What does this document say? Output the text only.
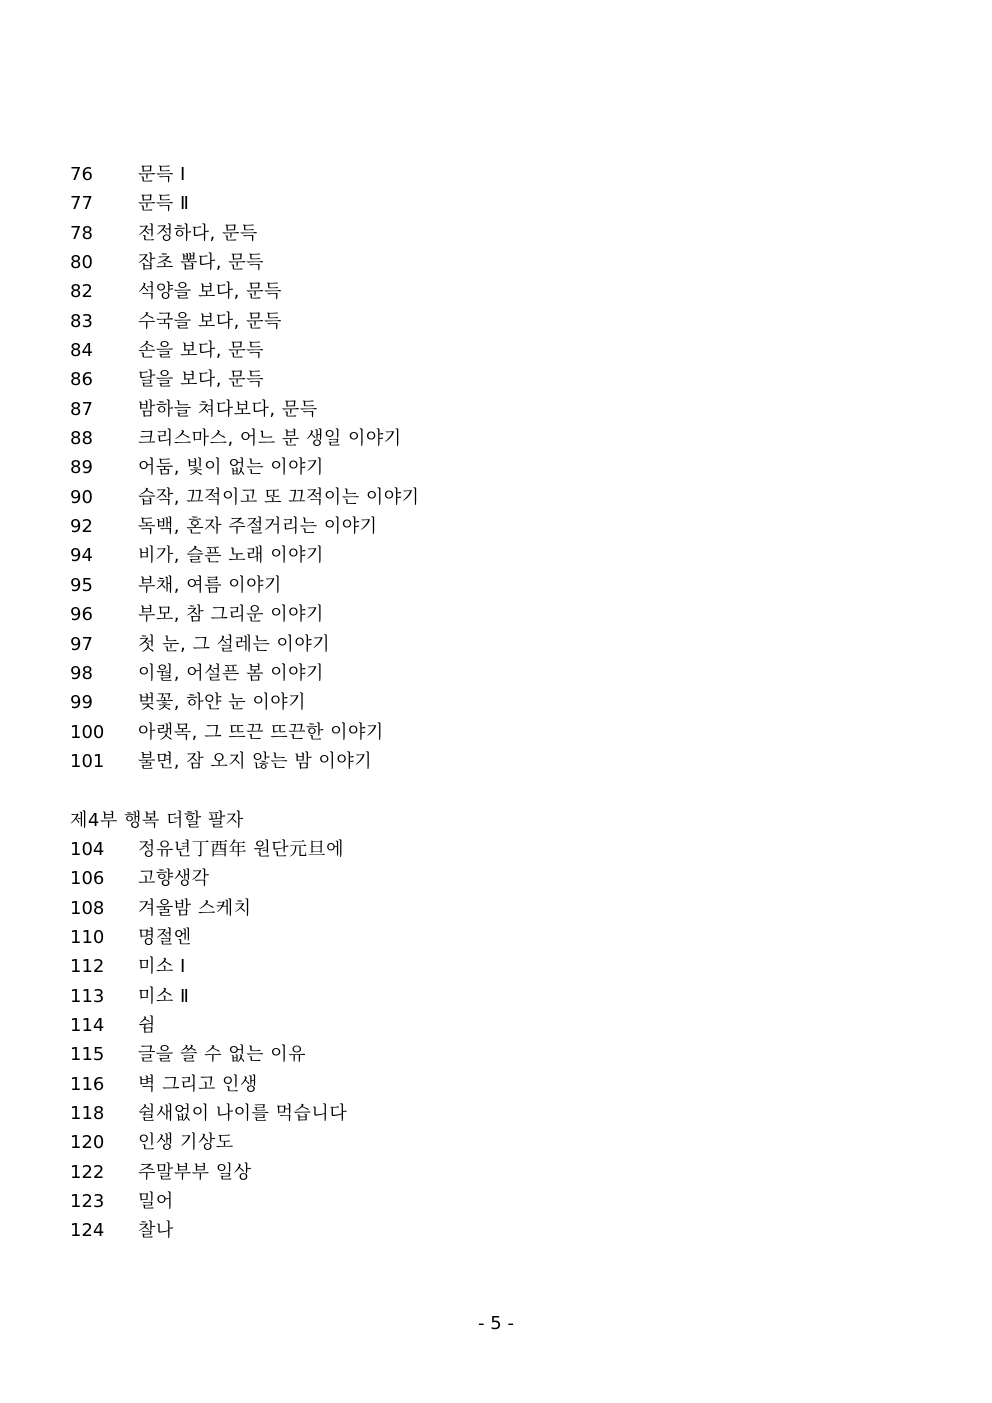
76	문득 Ⅰ
77	문득 Ⅱ
78	전정하다, 문득
80	잡초 뽑다, 문득
82	석양을 보다, 문득
83	수국을 보다, 문득
84	손을 보다, 문득
86	달을 보다, 문득
87	밤하늘 쳐다보다, 문득
88	크리스마스, 어느 분 생일 이야기
89	어둠, 빛이 없는 이야기
90	습작, 끄적이고 또 끄적이는 이야기
92	독백, 혼자 주절거리는 이야기
94	비가, 슬픈 노래 이야기
95	부채, 여름 이야기
96	부모, 참 그리운 이야기
97	첫 눈, 그 설레는 이야기
98	이월, 어설픈 봄 이야기
99	벚꽃, 하얀 눈 이야기
100	아랫목, 그 뜨끈 뜨끈한 이야기
101	불면, 잠 오지 않는 밤 이야기
제4부 행복 더할 팔자
104	정유년丁酉年 원단元旦에
106	고향생각
108	겨울밤 스케치
110	명절엔
112	미소 Ⅰ
113	미소 Ⅱ
114	쉼
115	글을 쓸 수 없는 이유
116	벽 그리고 인생
118	쉴새없이 나이를 먹습니다
120	인생 기상도
122	주말부부 일상
123	밀어
124	찰나
- 5 -
